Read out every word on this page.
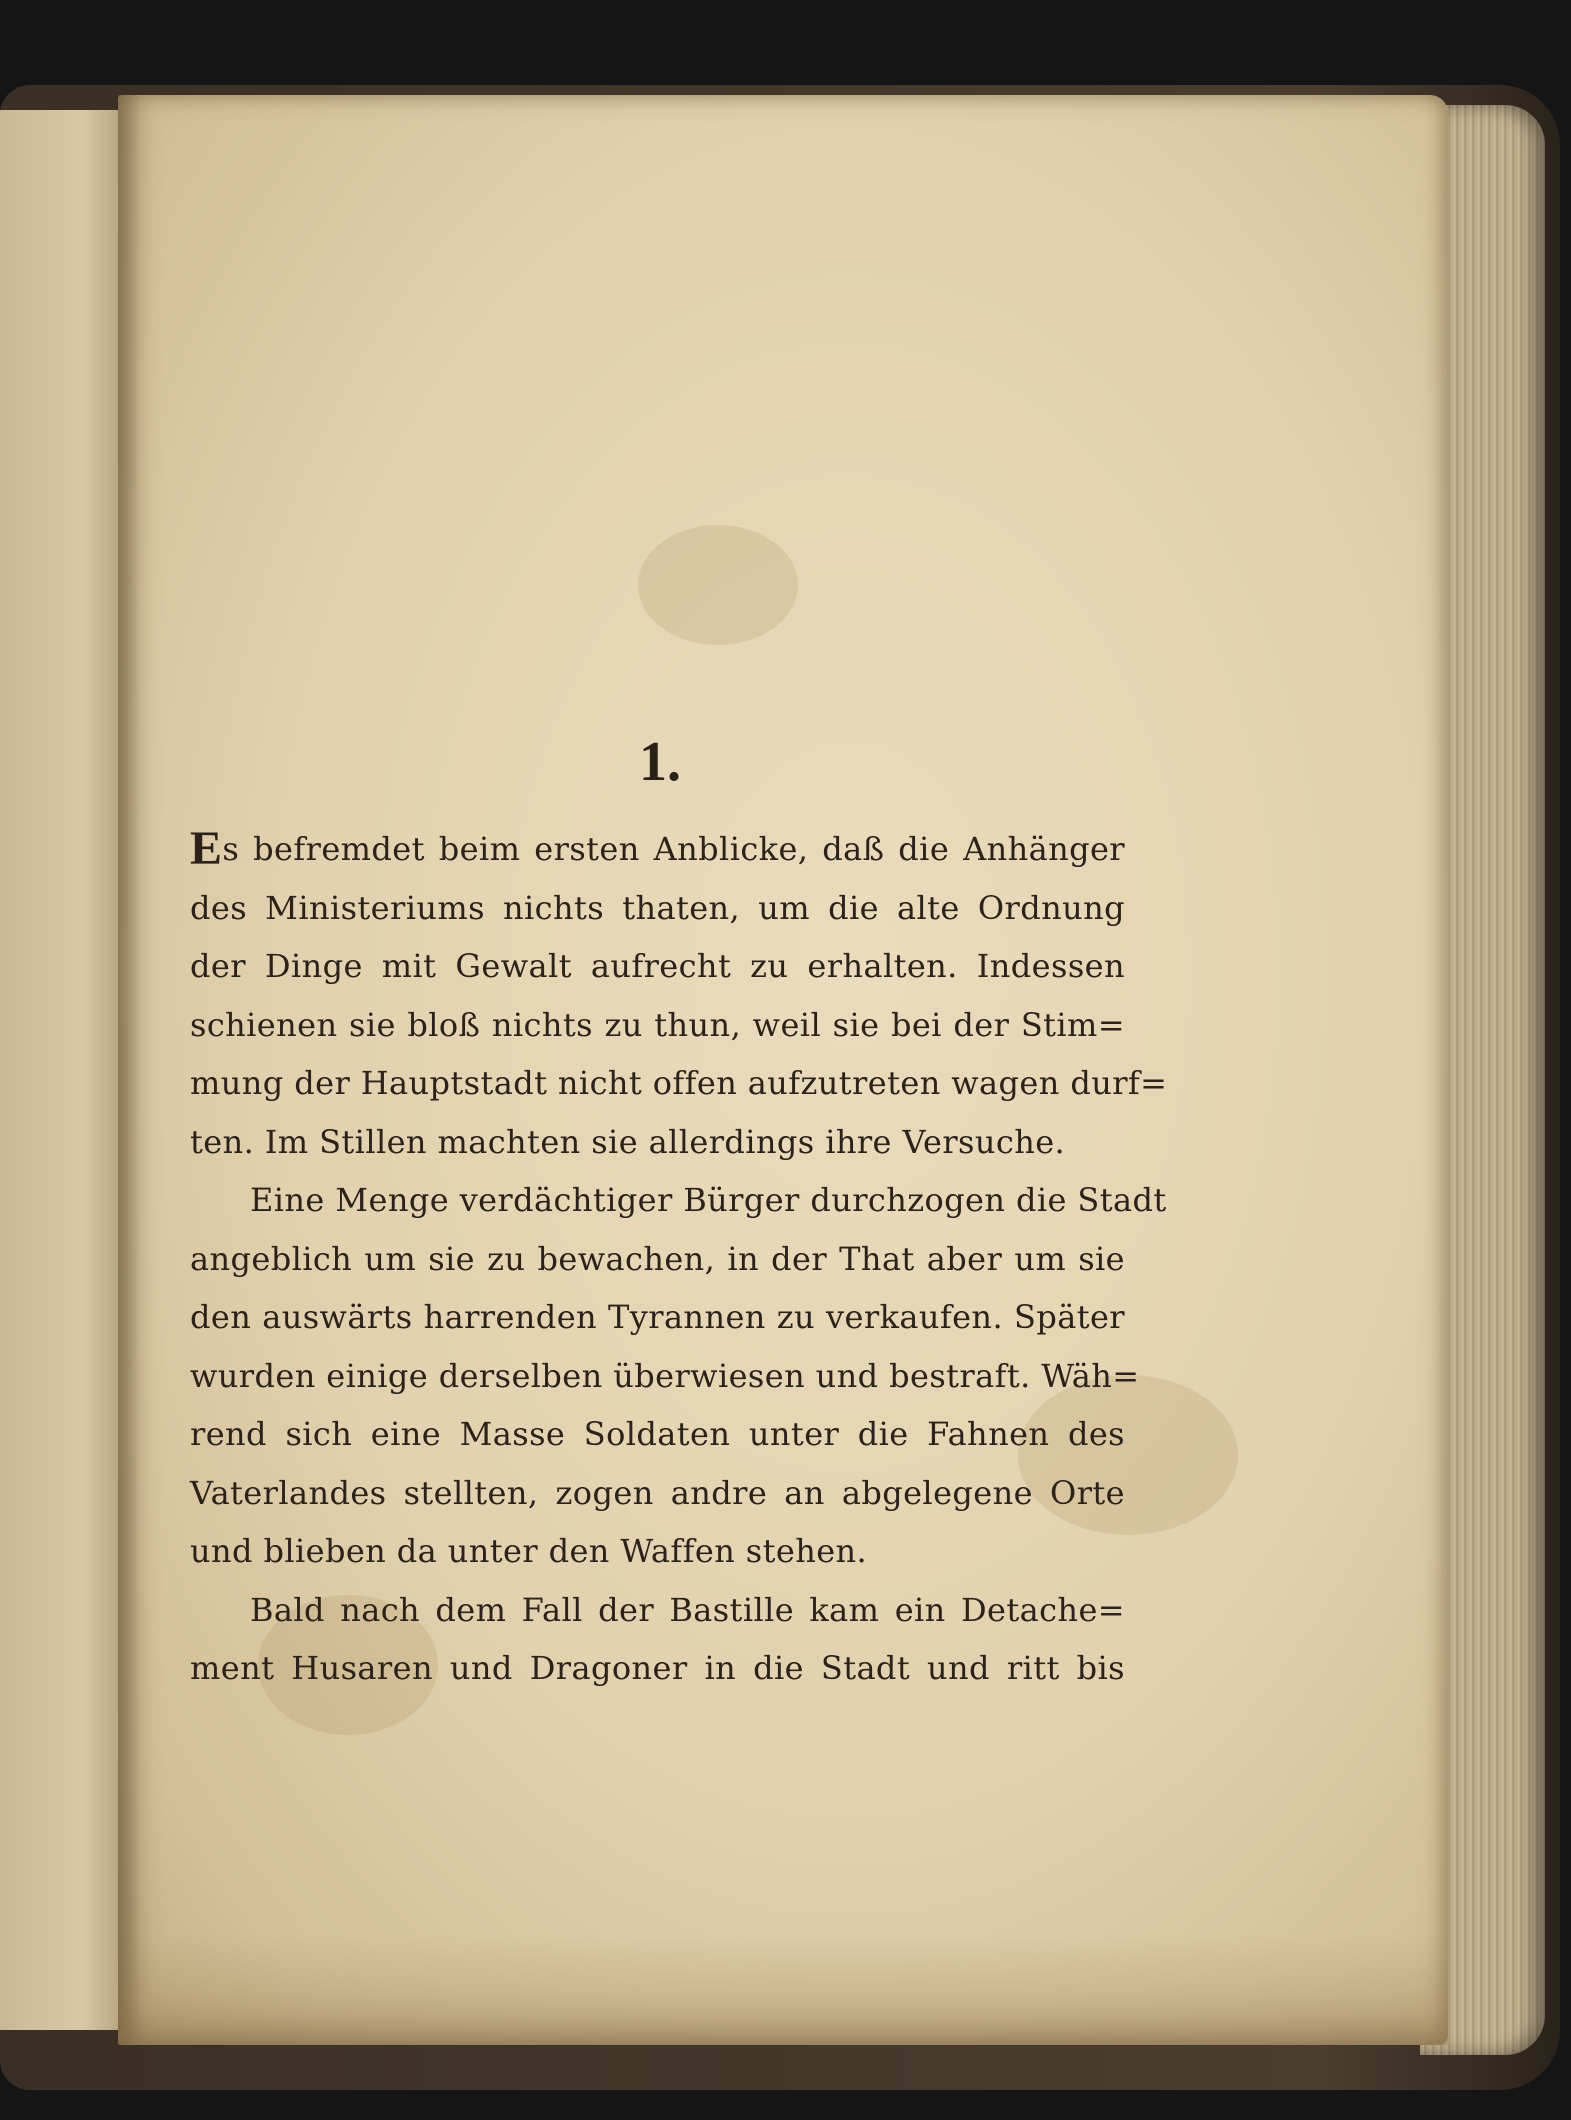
1.
Es befremdet beim ersten Anblicke, daß die Anhänger
des Ministeriums nichts thaten, um die alte Ordnung
der Dinge mit Gewalt aufrecht zu erhalten. Indessen
schienen sie bloß nichts zu thun, weil sie bei der Stim=
mung der Hauptstadt nicht offen aufzutreten wagen durf=
ten. Im Stillen machten sie allerdings ihre Versuche.
Eine Menge verdächtiger Bürger durchzogen die Stadt
angeblich um sie zu bewachen, in der That aber um sie
den auswärts harrenden Tyrannen zu verkaufen. Später
wurden einige derselben überwiesen und bestraft. Wäh=
rend sich eine Masse Soldaten unter die Fahnen des
Vaterlandes stellten, zogen andre an abgelegene Orte
und blieben da unter den Waffen stehen.
Bald nach dem Fall der Bastille kam ein Detache=
ment Husaren und Dragoner in die Stadt und ritt bis
